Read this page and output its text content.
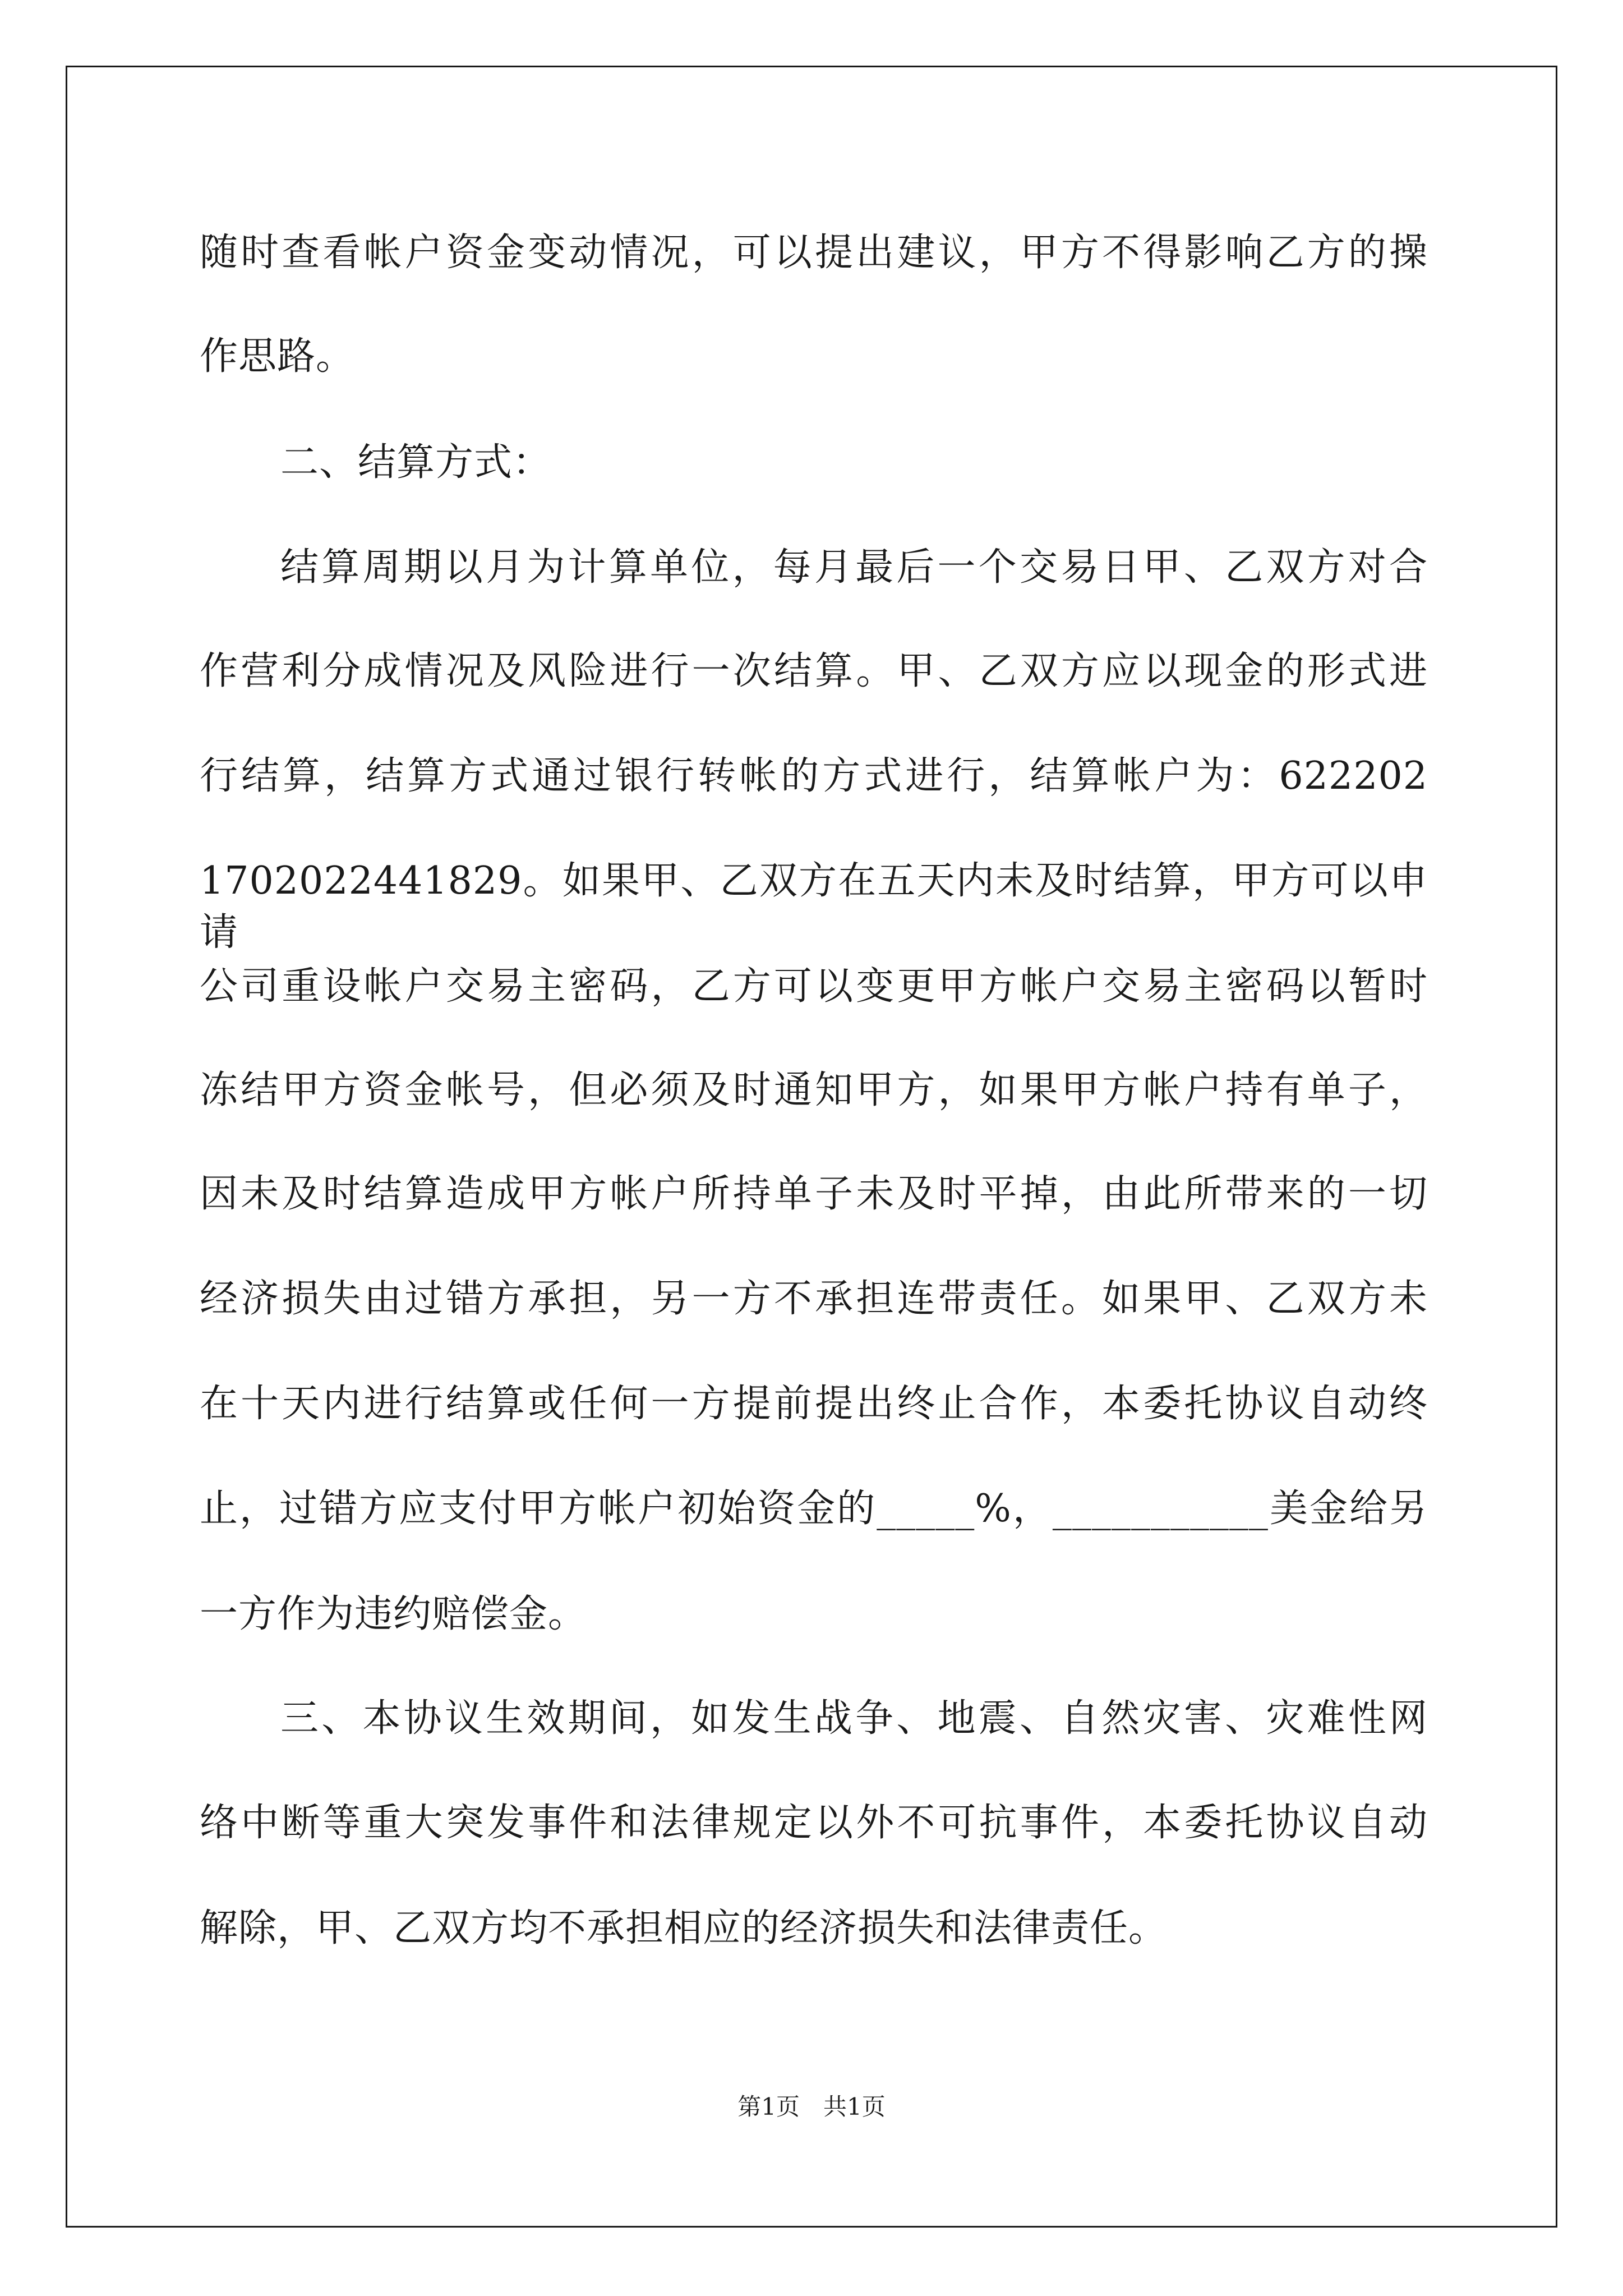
随时查看帐户资金变动情况，可以提出建议，甲方不得影响乙方的操

作思路。

二、结算方式：

结算周期以月为计算单位，每月最后一个交易日甲、乙双方对合

作营利分成情况及风险进行一次结算。甲、乙双方应以现金的形式进

行结算，结算方式通过银行转帐的方式进行，结算帐户为：622202

1702022441829。如果甲、乙双方在五天内未及时结算，甲方可以申请

公司重设帐户交易主密码，乙方可以变更甲方帐户交易主密码以暂时

冻结甲方资金帐号，但必须及时通知甲方，如果甲方帐户持有单子，

因未及时结算造成甲方帐户所持单子未及时平掉，由此所带来的一切

经济损失由过错方承担，另一方不承担连带责任。如果甲、乙双方未

在十天内进行结算或任何一方提前提出终止合作，本委托协议自动终

止，过错方应支付甲方帐户初始资金的_____%，___________美金给另

一方作为违约赔偿金。

三、本协议生效期间，如发生战争、地震、自然灾害、灾难性网

络中断等重大突发事件和法律规定以外不可抗事件，本委托协议自动

解除，甲、乙双方均不承担相应的经济损失和法律责任。

第1页　共1页
